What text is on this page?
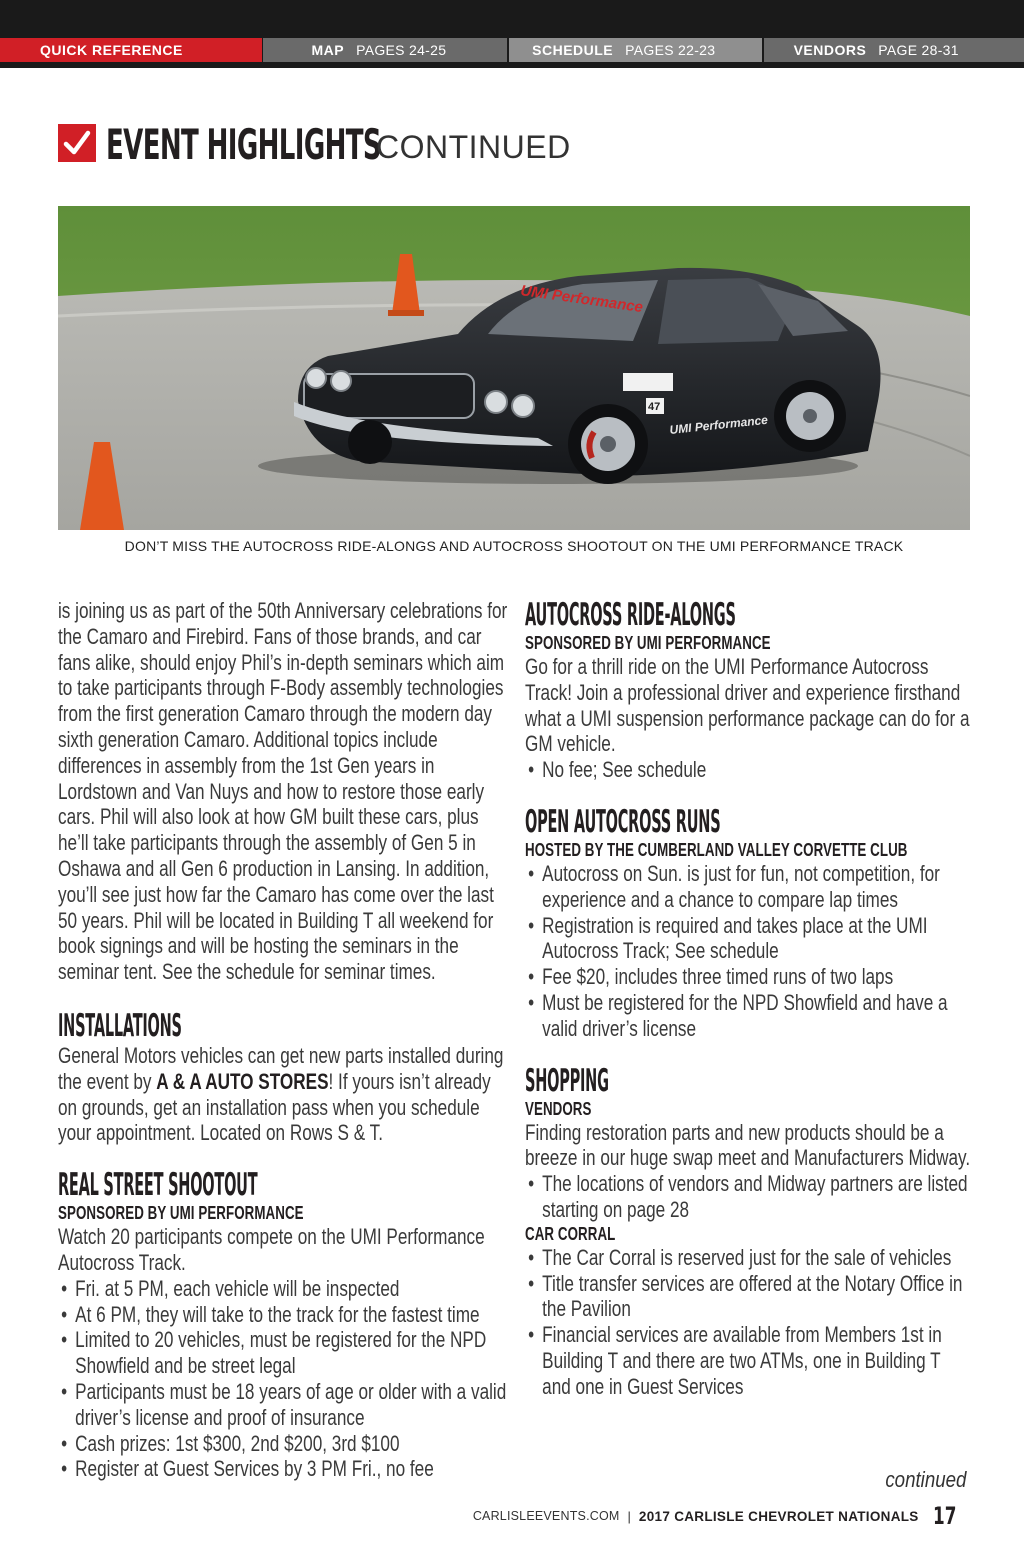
QUICK REFERENCE	MAP PAGES 24-25	SCHEDULE PAGES 22-23	VENDORS PAGE 28-31
EVENT HIGHLIGHTS
CONTINUED
UMI Performance
UMI Performance
47
DON’T MISS THE AUTOCROSS RIDE-ALONGS AND AUTOCROSS SHOOTOUT ON THE UMI PERFORMANCE TRACK

is joining us as part of the 50th Anniversary celebrations for the Camaro and Firebird. Fans of those brands, and car fans alike, should enjoy Phil’s in-depth seminars which aim to take participants through F-Body assembly technologies from the first generation Camaro through the modern day sixth generation Camaro. Additional topics include differences in assembly from the 1st Gen years in Lordstown and Van Nuys and how to restore those early cars. Phil will also look at how GM built these cars, plus he’ll take participants through the assembly of Gen 5 in Oshawa and all Gen 6 production in Lansing. In addition, you’ll see just how far the Camaro has come over the last 50 years. Phil will be located in Building T all weekend for book signings and will be hosting the seminars in the seminar tent. See the schedule for seminar times.

INSTALLATIONS

General Motors vehicles can get new parts installed during the event by A & A AUTO STORES! If yours isn’t already on grounds, get an installation pass when you schedule your appointment. Located on Rows S & T.

REAL STREET SHOOTOUT
SPONSORED BY UMI PERFORMANCE

Watch 20 participants compete on the UMI Performance Autocross Track.

• Fri. at 5 PM, each vehicle will be inspected
• At 6 PM, they will take to the track for the fastest time
• Limited to 20 vehicles, must be registered for the NPD Showfield and be street legal
• Participants must be 18 years of age or older with a valid driver’s license and proof of insurance
• Cash prizes: 1st $300, 2nd $200, 3rd $100
• Register at Guest Services by 3 PM Fri., no fee
AUTOCROSS RIDE-ALONGS
SPONSORED BY UMI PERFORMANCE

Go for a thrill ride on the UMI Performance Autocross Track! Join a professional driver and experience firsthand what a UMI suspension performance package can do for a GM vehicle.

• No fee; See schedule
OPEN AUTOCROSS RUNS
HOSTED BY THE CUMBERLAND VALLEY CORVETTE CLUB
• Autocross on Sun. is just for fun, not competition, for experience and a chance to compare lap times
• Registration is required and takes place at the UMI Autocross Track; See schedule
• Fee $20, includes three timed runs of two laps
• Must be registered for the NPD Showfield and have a valid driver’s license
SHOPPING
VENDORS

Finding restoration parts and new products should be a breeze in our huge swap meet and Manufacturers Midway.

• The locations of vendors and Midway partners are listed starting on page 28
CAR CORRAL
• The Car Corral is reserved just for the sale of vehicles
• Title transfer services are offered at the Notary Office in the Pavilion
• Financial services are available from Members 1st in Building T and there are two ATMs, one in Building T and one in Guest Services
continued
CARLISLEEVENTS.COM | 2017 CARLISLE CHEVROLET NATIONALS 17
